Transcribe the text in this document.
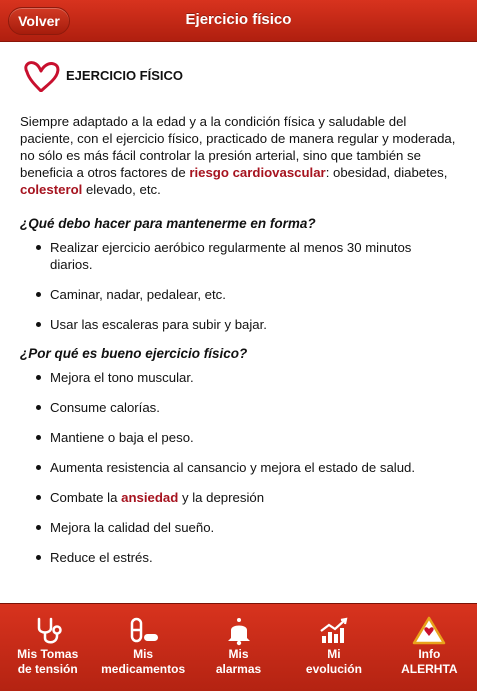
Volver	Ejercicio físico
EJERCICIO FÍSICO

Siempre adaptado a la edad y a la condición física y saludable del paciente, con el ejercicio físico, practicado de manera regular y moderada, no sólo es más fácil controlar la presión arterial, sino que también se beneficia a otros factores de riesgo cardiovascular: obesidad, diabetes, colesterol elevado, etc.

¿Qué debo hacer para mantenerme en forma?
Realizar ejercicio aeróbico regularmente al menos 30 minutos diarios.
Caminar, nadar, pedalear, etc.
Usar las escaleras para subir y bajar.
¿Por qué es bueno ejercicio físico?
Mejora el tono muscular.
Consume calorías.
Mantiene o baja el peso.
Aumenta resistencia al cansancio y mejora el estado de salud.
Combate la ansiedad y la depresión
Mejora la calidad del sueño.
Reduce el estrés.
Mis Tomas
de tensión
Mis
medicamentos
Mis
alarmas
Mi
evolución
Info
ALERHTA
